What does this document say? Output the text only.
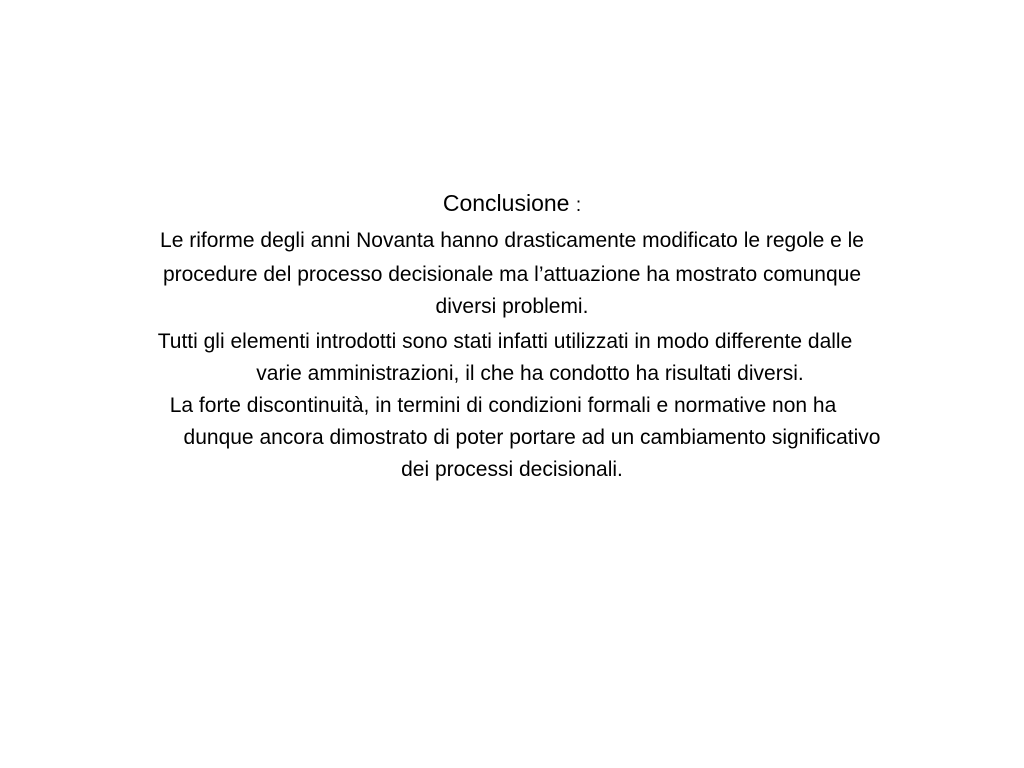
Conclusione :

Le riforme degli anni Novanta hanno drasticamente modificato le regole e le
procedure del processo decisionale ma l’attuazione ha mostrato comunque
diversi problemi.

Tutti gli elementi introdotti sono stati infatti utilizzati in modo differente dalle
varie amministrazioni, il che ha condotto ha risultati diversi.

La forte discontinuità, in termini di condizioni formali e normative non ha
dunque ancora dimostrato di poter portare ad un cambiamento significativo
dei processi decisionali.
